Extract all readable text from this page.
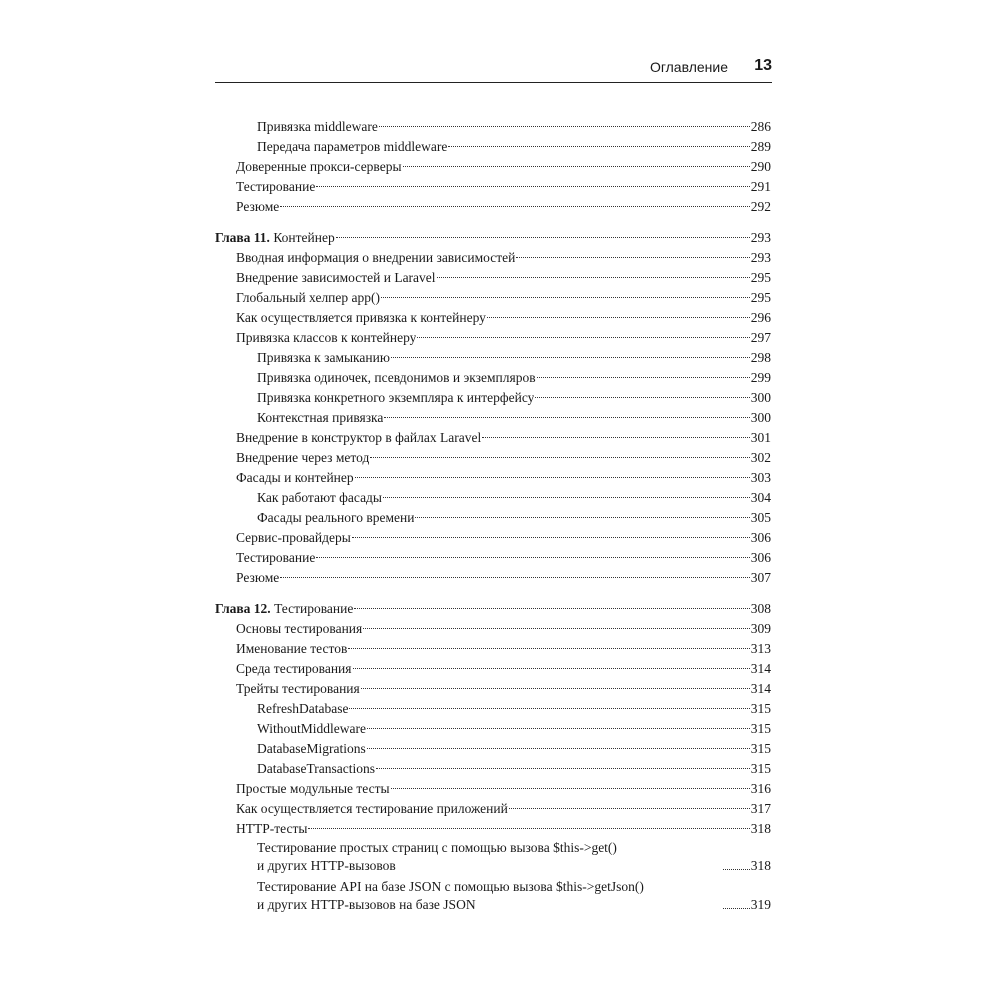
Оглавление 13
Привязка middleware	286
Передача параметров middleware	289
Доверенные прокси-серверы	290
Тестирование	291
Резюме	292
Глава 11. Контейнер	293
Вводная информация о внедрении зависимостей	293
Внедрение зависимостей и Laravel	295
Глобальный хелпер app()	295
Как осуществляется привязка к контейнеру	296
Привязка классов к контейнеру	297
Привязка к замыканию	298
Привязка одиночек, псевдонимов и экземпляров	299
Привязка конкретного экземпляра к интерфейсу	300
Контекстная привязка	300
Внедрение в конструктор в файлах Laravel	301
Внедрение через метод	302
Фасады и контейнер	303
Как работают фасады	304
Фасады реального времени	305
Сервис-провайдеры	306
Тестирование	306
Резюме	307
Глава 12. Тестирование	308
Основы тестирования	309
Именование тестов	313
Среда тестирования	314
Трейты тестирования	314
RefreshDatabase	315
WithoutMiddleware	315
DatabaseMigrations	315
DatabaseTransactions	315
Простые модульные тесты	316
Как осуществляется тестирование приложений	317
HTTP-тесты	318
Тестирование простых страниц с помощью вызова $this->get()
и других HTTP-вызовов	318
Тестирование API на базе JSON с помощью вызова $this->getJson()
и других HTTP-вызовов на базе JSON	319
